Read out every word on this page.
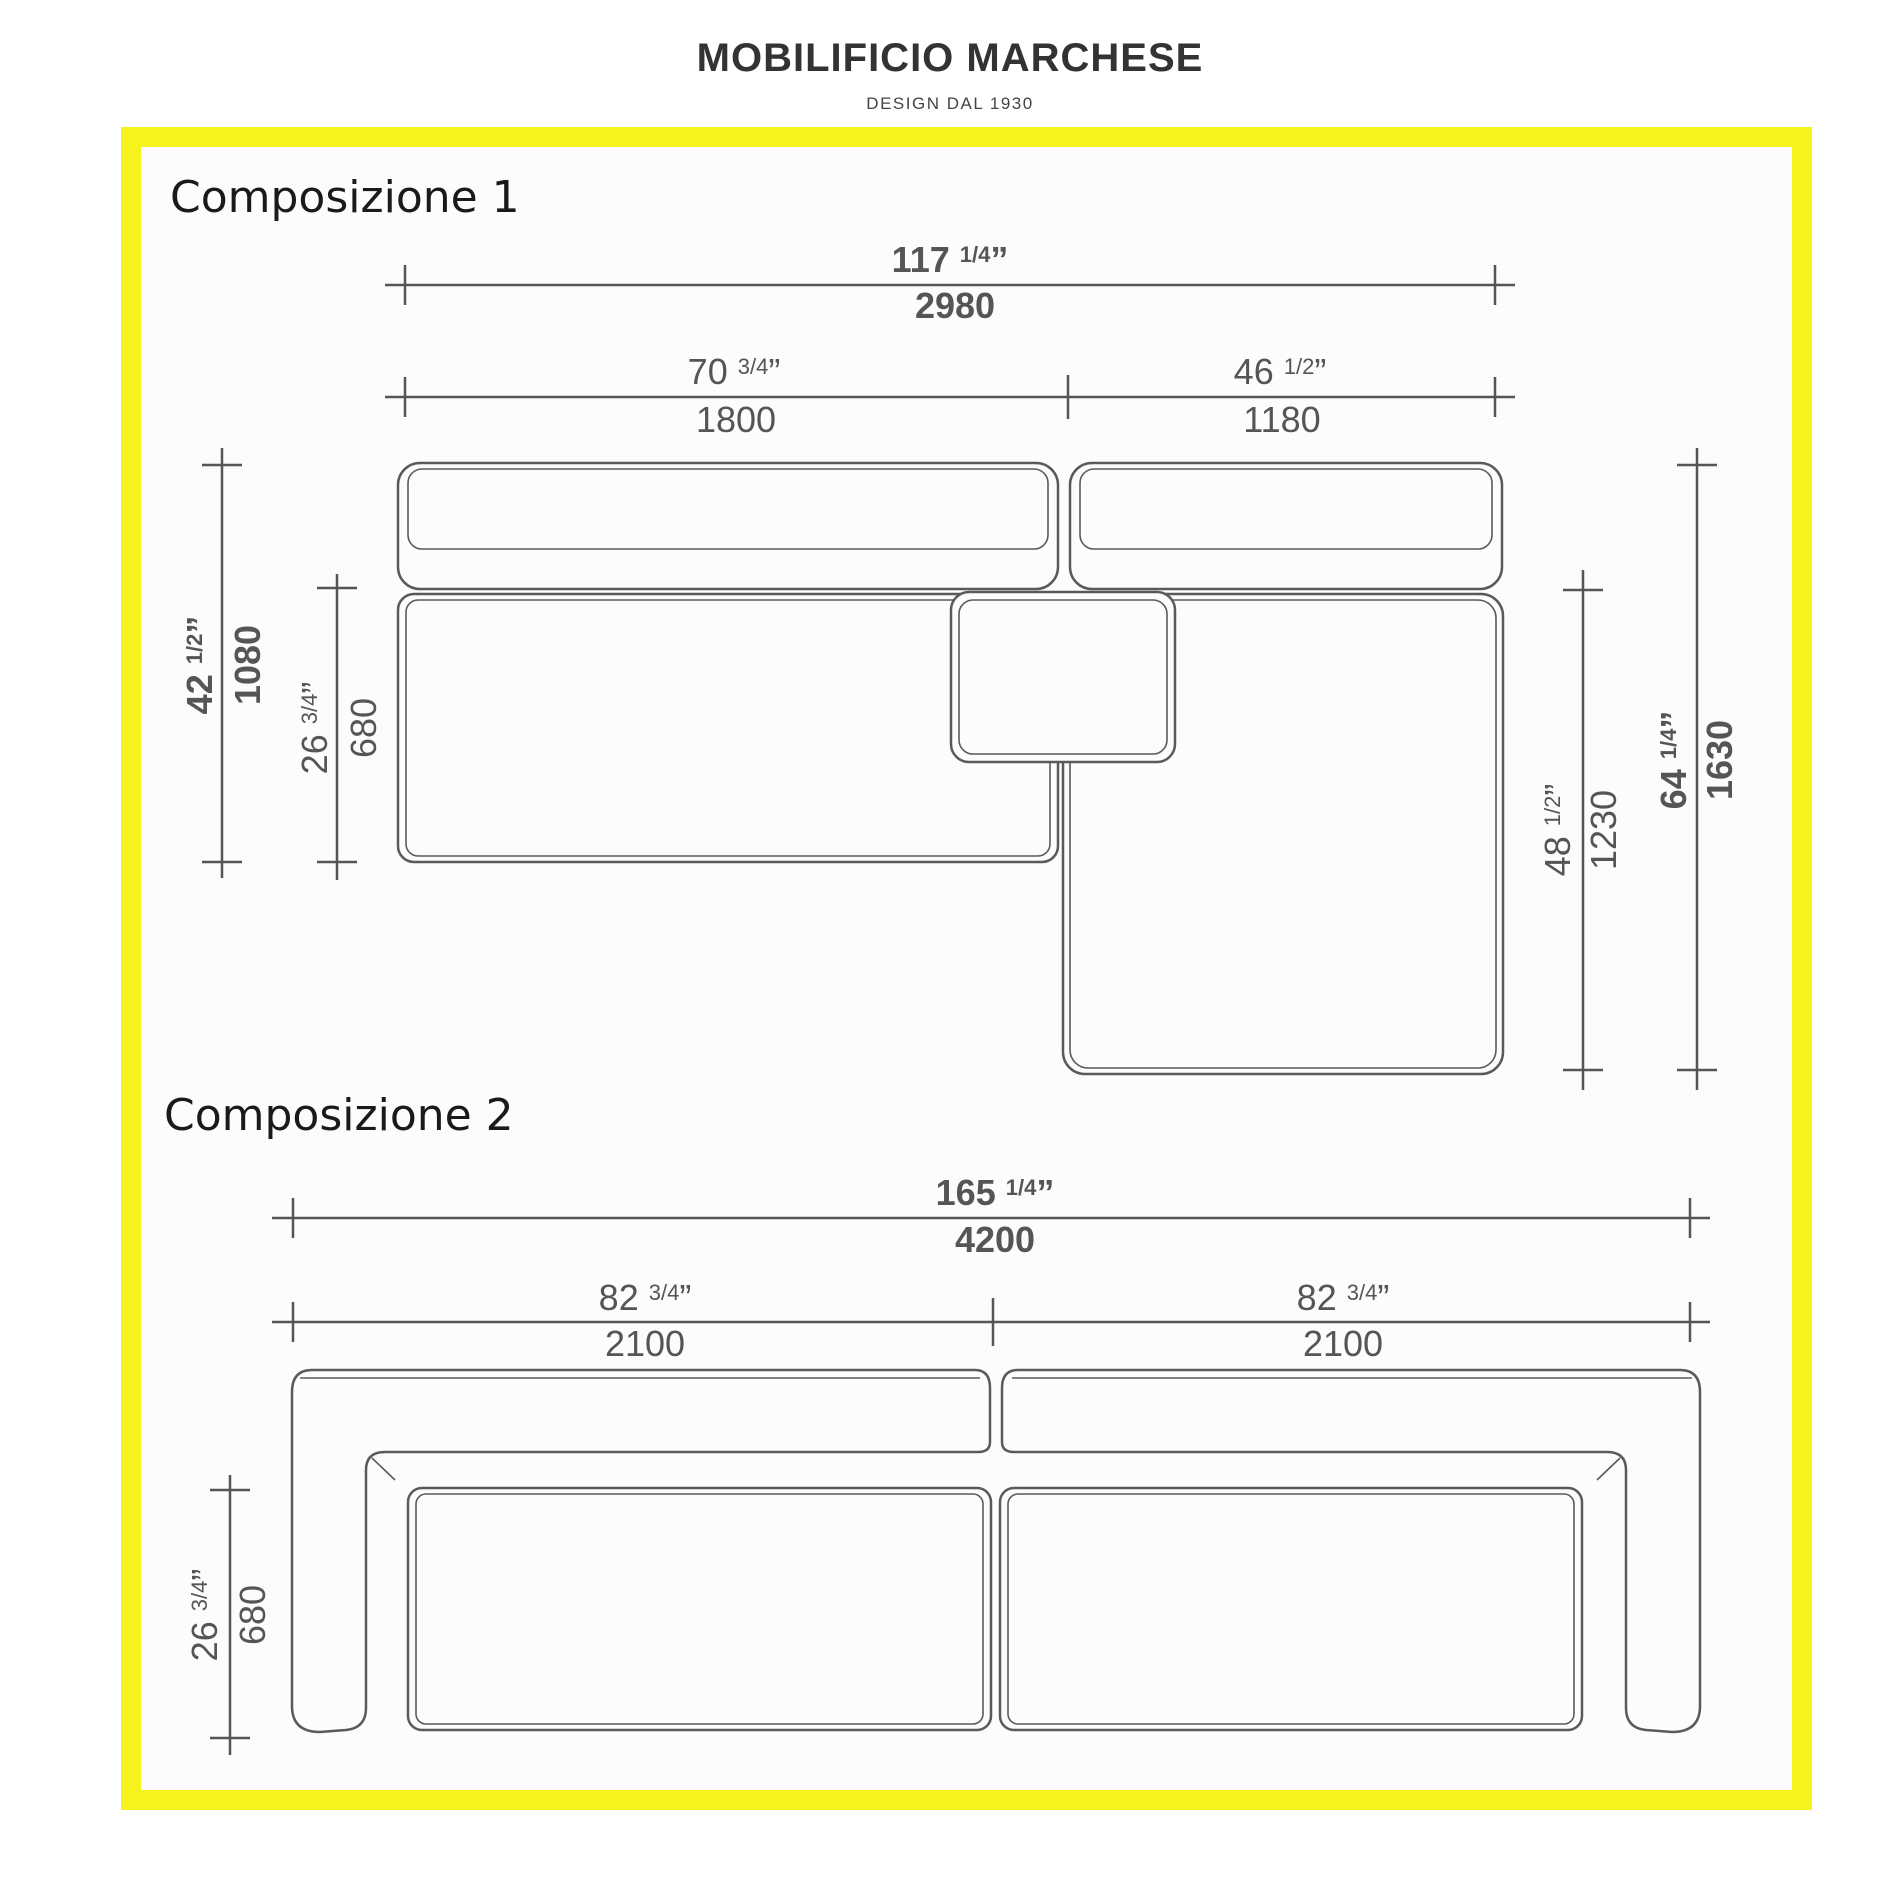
MOBILIFICIO MARCHESE
DESIGN DAL 1930
Composizione 1
117 $^{1/4}$”
2980
70 $^{3/4}$”
1800
46 $^{1/2}$”
1180
42 $^{1/2}$”
1080
26 $^{3/4}$”
680
48 $^{1/2}$”
1230
64 $^{1/4}$”
1630
Composizione 2
165 $^{1/4}$”
4200
82 $^{3/4}$”
2100
82 $^{3/4}$”
2100
26 $^{3/4}$”
680
